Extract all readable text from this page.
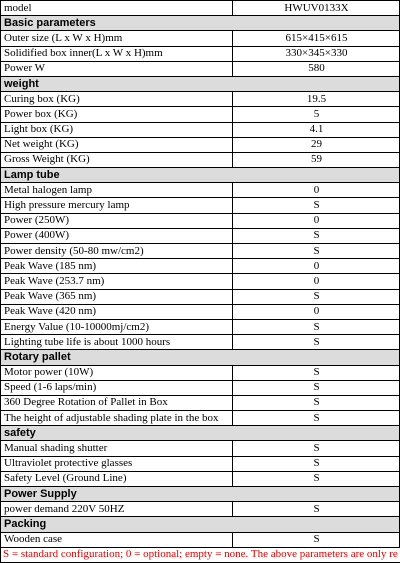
model	HWUV0133X
Basic parameters	
Outer size (L x W x H)mm	615×415×615
Solidified box inner(L x W x H)mm	330×345×330
Power W	580
weight	
Curing box (KG)	19.5
Power box (KG)	5
Light box (KG)	4.1
Net weight (KG)	29
Gross Weight (KG)	59
Lamp tube	
Metal halogen lamp	0
High pressure mercury lamp	S
Power (250W)	0
Power (400W)	S
Power density (50-80 mw/cm2)	S
Peak Wave (185 nm)	0
Peak Wave (253.7 nm)	0
Peak Wave (365 nm)	S
Peak Wave (420 nm)	0
Energy Value (10-10000mj/cm2)	S
Lighting tube life is about 1000 hours	S
Rotary pallet	
Motor power (10W)	S
Speed (1-6 laps/min)	S
360 Degree Rotation of Pallet in Box	S
The height of adjustable shading plate in the box	S
safety	
Manual shading shutter	S
Ultraviolet protective glasses	S
Safety Level (Ground Line)	S
Power Supply	
power demand 220V 50HZ	S
Packing	
Wooden case	S
S = standard configuration; 0 = optional; empty = none. The above parameters are only re	
